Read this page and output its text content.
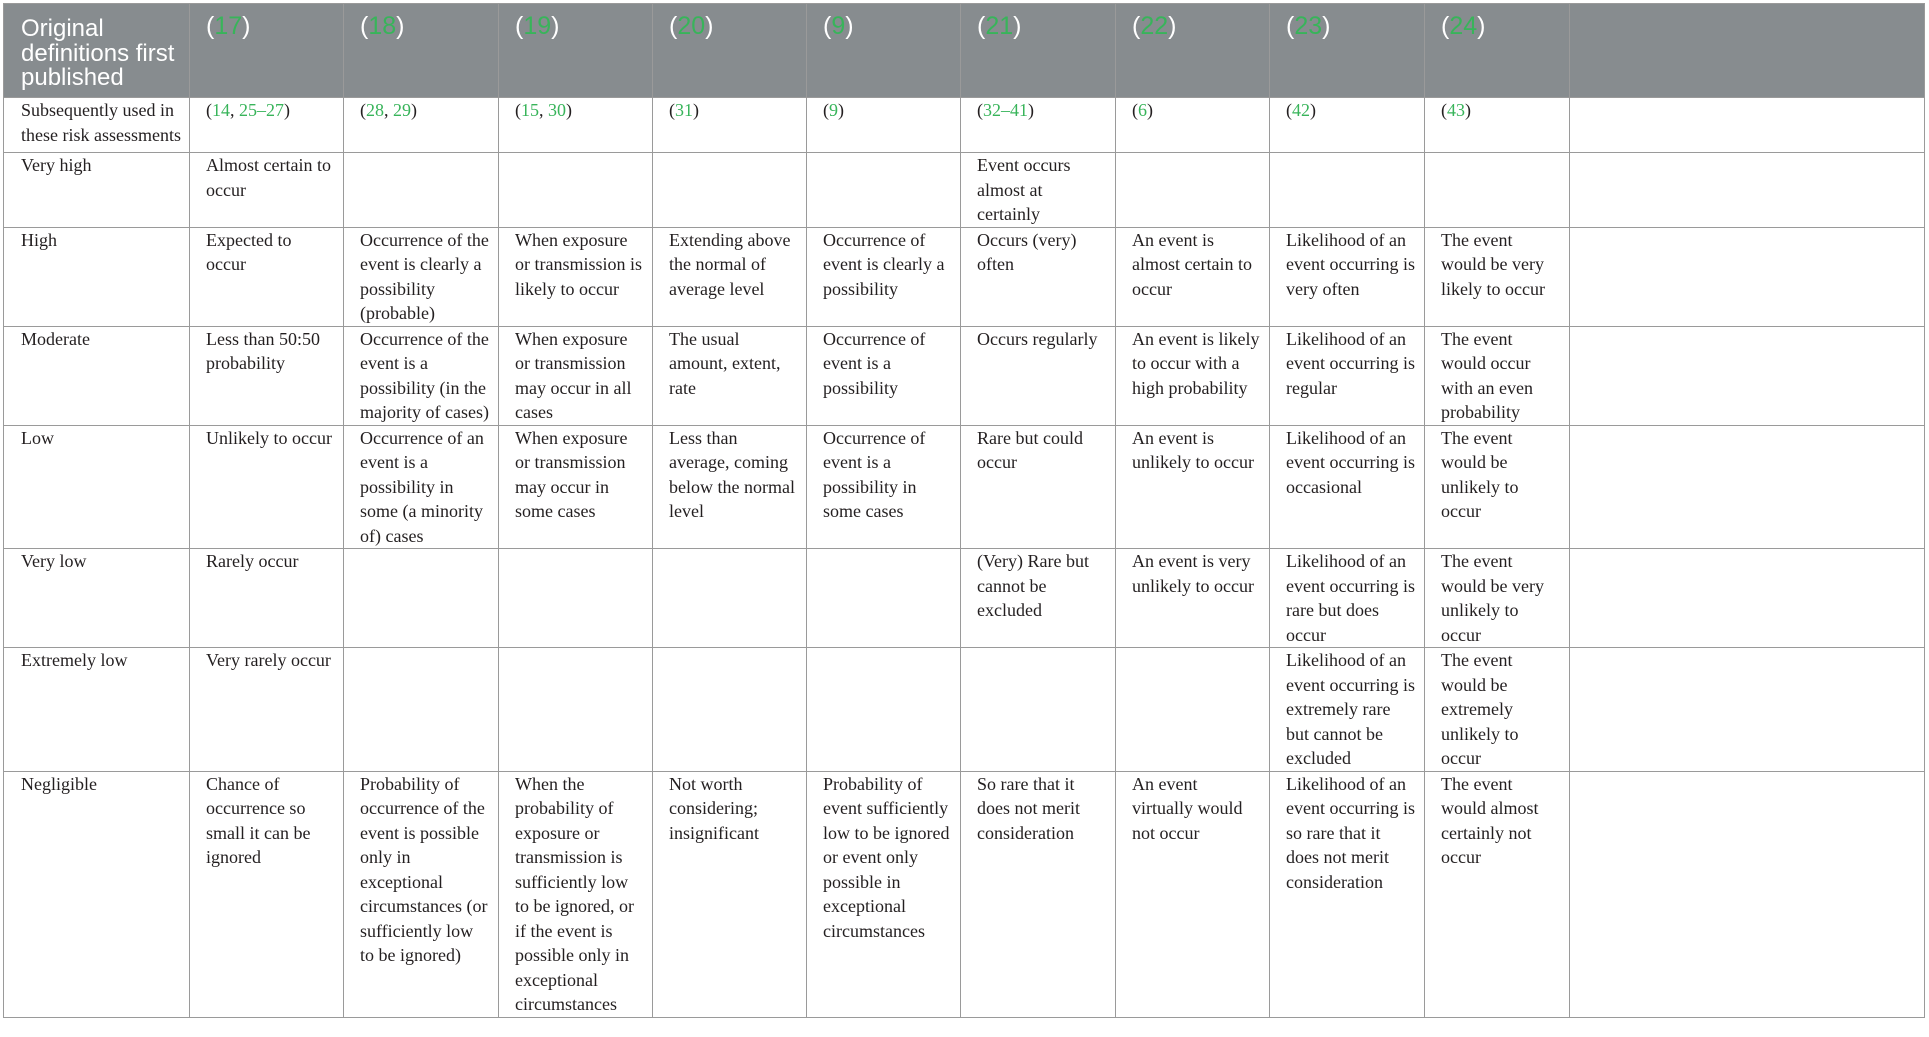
Original definitions first published	(17)	(18)	(19)	(20)	(9)	(21)	(22)	(23)	(24)	
Subsequently used in these risk assessments	(14, 25–27)	(28, 29)	(15, 30)	(31)	(9)	(32–41)	(6)	(42)	(43)	
Very high	Almost certain to occur					Event occurs almost at certainly				

High	Expected to occur	Occurrence of the event is clearly a possibility (probable)	When exposure or transmission is likely to occur	Extending above the normal of average level	Occurrence of event is clearly a possibility	Occurs (very) often	An event is almost certain to occur	Likelihood of an event occurring is very often	The event would be very likely to occur	

Moderate	Less than 50:50 probability	Occurrence of the event is a possibility (in the majority of cases)	When exposure or transmission may occur in all cases	The usual amount, extent, rate	Occurrence of event is a possibility	Occurs regularly	An event is likely to occur with a high probability	Likelihood of an event occurring is regular	The event would occur with an even probability	

Low	Unlikely to occur	Occurrence of an event is a possibility in some (a minority of) cases	When exposure or transmission may occur in some cases	Less than average, coming below the normal level	Occurrence of event is a possibility in some cases	Rare but could occur	An event is unlikely to occur	Likelihood of an event occurring is occasional	The event would be unlikely to occur	

Very low	Rarely occur					(Very) Rare but cannot be excluded	An event is very unlikely to occur	Likelihood of an event occurring is rare but does occur	The event would be very unlikely to occur	

Extremely low	Very rarely occur							Likelihood of an event occurring is extremely rare but cannot be excluded	The event would be extremely unlikely to occur	

Negligible	Chance of occurrence so small it can be ignored	Probability of occurrence of the event is possible only in exceptional circumstances (or sufficiently low to be ignored)	When the probability of exposure or transmission is sufficiently low to be ignored, or if the event is possible only in exceptional circumstances	Not worth considering; insignificant	Probability of event sufficiently low to be ignored or event only possible in exceptional circumstances	So rare that it does not merit consideration	An event virtually would not occur	Likelihood of an event occurring is so rare that it does not merit consideration	The event would almost certainly not occur	
